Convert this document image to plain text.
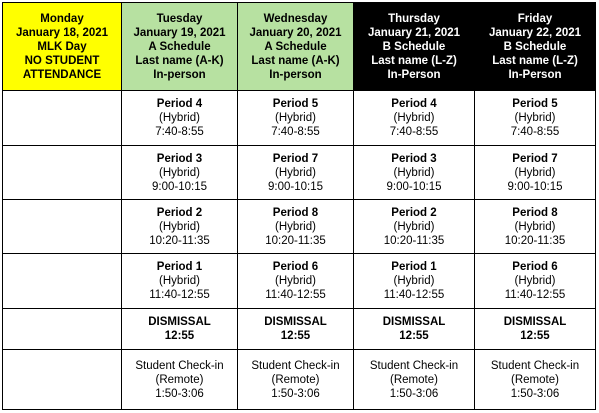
Monday
January 18, 2021
MLK Day
NO STUDENT
ATTENDANCE	Tuesday
January 19, 2021
A Schedule
Last name (A-K)
In-person	Wednesday
January 20, 2021
A Schedule
Last name (A-K)
In-person	Thursday
January 21, 2021
B Schedule
Last name (L-Z)
In-Person	Friday
January 22, 2021
B Schedule
Last name (L-Z)
In-Person

	Period 4
(Hybrid)
7:40-8:55	Period 5
(Hybrid)
7:40-8:55	Period 4
(Hybrid)
7:40-8:55	Period 5
(Hybrid)
7:40-8:55

	Period 3
(Hybrid)
9:00-10:15	Period 7
(Hybrid)
9:00-10:15	Period 3
(Hybrid)
9:00-10:15	Period 7
(Hybrid)
9:00-10:15

	Period 2
(Hybrid)
10:20-11:35	Period 8
(Hybrid)
10:20-11:35	Period 2
(Hybrid)
10:20-11:35	Period 8
(Hybrid)
10:20-11:35

	Period 1
(Hybrid)
11:40-12:55	Period 6
(Hybrid)
11:40-12:55	Period 1
(Hybrid)
11:40-12:55	Period 6
(Hybrid)
11:40-12:55

	DISMISSAL
12:55	DISMISSAL
12:55	DISMISSAL
12:55	DISMISSAL
12:55

	Student Check-in
(Remote)
1:50-3:06	Student Check-in
(Remote)
1:50-3:06	Student Check-in
(Remote)
1:50-3:06	Student Check-in
(Remote)
1:50-3:06
